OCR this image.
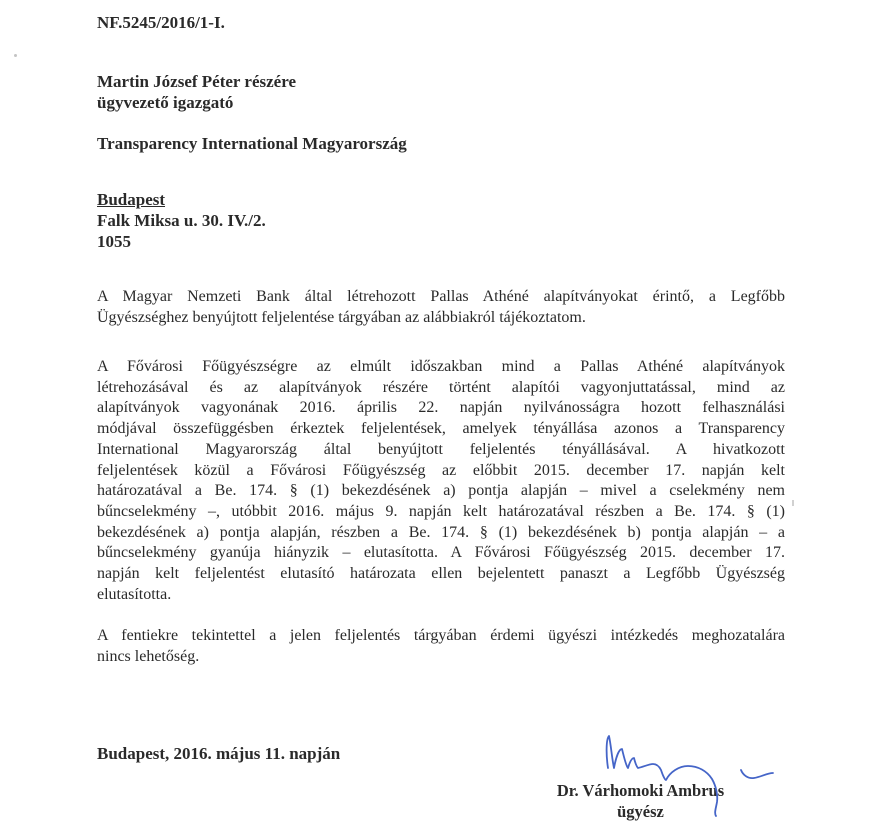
NF.5245/2016/1-I.
Martin József Péter részére
ügyvezető igazgató
Transparency International Magyarország
Budapest
Falk Miksa u. 30. IV./2.
1055
A Magyar Nemzeti Bank által létrehozott Pallas Athéné alapítványokat érintő, a Legfőbb
Ügyészséghez benyújtott feljelentése tárgyában az alábbiakról tájékoztatom.
A Fővárosi Főügyészségre az elmúlt időszakban mind a Pallas Athéné alapítványok
létrehozásával és az alapítványok részére történt alapítói vagyonjuttatással, mind az
alapítványok vagyonának 2016. április 22. napján nyilvánosságra hozott felhasználási
módjával összefüggésben érkeztek feljelentések, amelyek tényállása azonos a Transparency
International Magyarország által benyújtott feljelentés tényállásával. A hivatkozott
feljelentések közül a Fővárosi Főügyészség az előbbit 2015. december 17. napján kelt
határozatával a Be. 174. § (1) bekezdésének a) pontja alapján – mivel a cselekmény nem
bűncselekmény –, utóbbit 2016. május 9. napján kelt határozatával részben a Be. 174. § (1)
bekezdésének a) pontja alapján, részben a Be. 174. § (1) bekezdésének b) pontja alapján – a
bűncselekmény gyanúja hiányzik – elutasította. A Fővárosi Főügyészség 2015. december 17.
napján kelt feljelentést elutasító határozata ellen bejelentett panaszt a Legfőbb Ügyészség
elutasította.
A fentiekre tekintettel a jelen feljelentés tárgyában érdemi ügyészi intézkedés meghozatalára
nincs lehetőség.
Budapest, 2016. május 11. napján
Dr. Várhomoki Ambrus
ügyész
